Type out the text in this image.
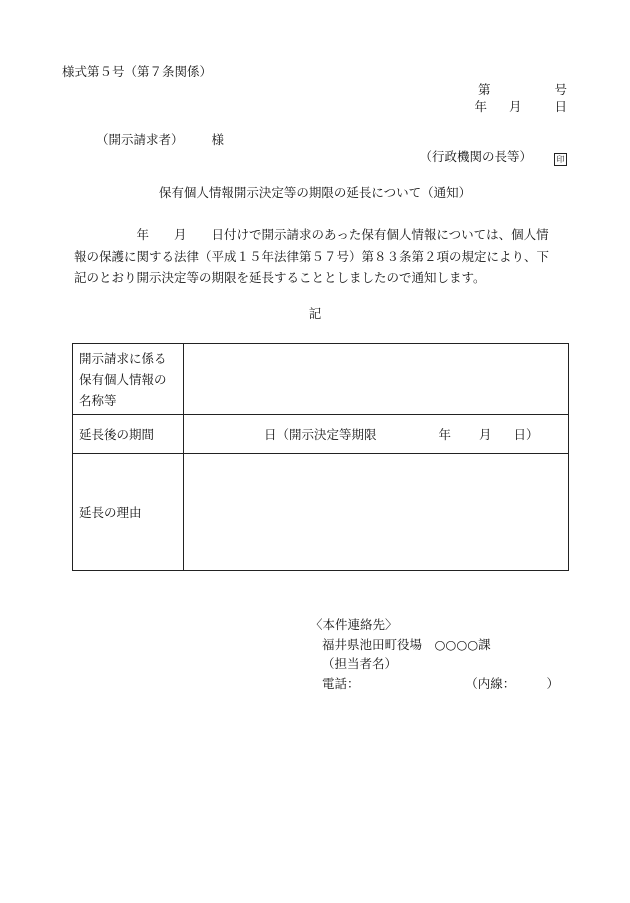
様式第５号（第７条関係）
第	号
年 月	日
（開示請求者） 様
（行政機関の長等）	印
保有個人情報開示決定等の期限の延長について（通知）
　　　　　年　　月　　日付けで開示請求のあった保有個人情報については、個人情
報の保護に関する法律（平成１５年法律第５７号）第８３条第２項の規定により、下
記のとおり開示決定等の期限を延長することとしましたので通知します。
記
開示請求に係る
保有個人情報の
名称等	

延長後の期間	日（開示決定等期限 年 月 日）
延長の理由	
〈本件連絡先〉
福井県池田町役場　○○○○課
（担当者名）
電話：	（内線：　　　）
